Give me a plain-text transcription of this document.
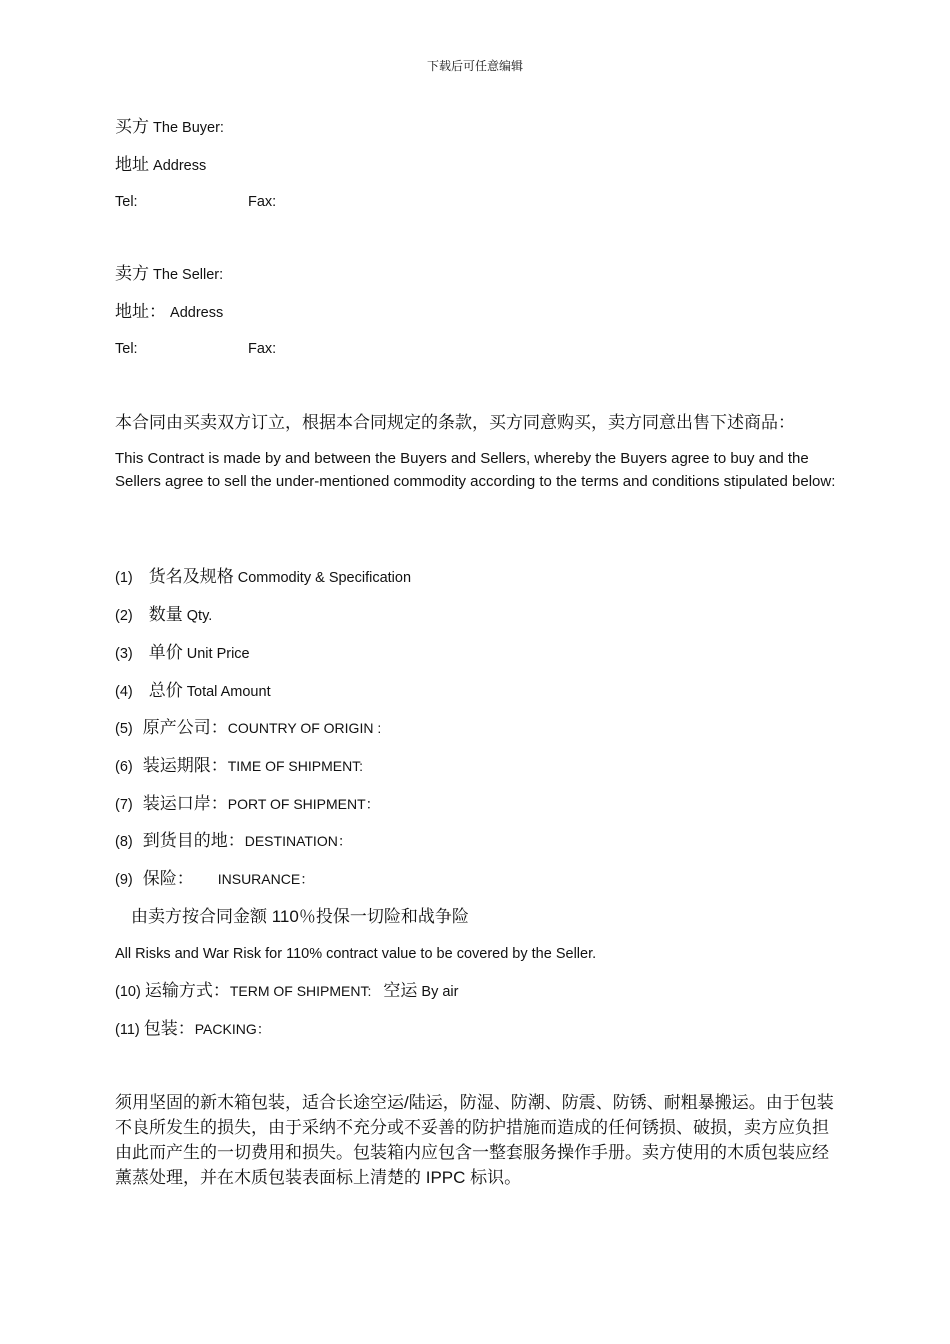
下载后可任意编辑
买方 The Buyer:
地址 Address
Tel:	Fax:
卖方 The Seller:
地址： Address
Tel:	Fax:
本合同由买卖双方订立，根据本合同规定的条款，买方同意购买，卖方同意出售下述商品：
This Contract is made by and between the Buyers and Sellers, whereby the Buyers agree to buy and the Sellers agree to sell the under-mentioned commodity according to the terms and conditions stipulated below:
(1) 货名及规格 Commodity & Specification
(2) 数量 Qty.
(3) 单价 Unit Price
(4) 总价 Total Amount
(5) 原产公司：COUNTRY OF ORIGIN :
(6) 装运期限：TIME OF SHIPMENT:
(7) 装运口岸：PORT OF SHIPMENT：
(8) 到货目的地：DESTINATION：
(9) 保险： INSURANCE：
由卖方按合同金额 110％投保一切险和战争险
All Risks and War Risk for 110% contract value to be covered by the Seller.
(10) 运输方式：TERM OF SHIPMENT: 空运 By air
(11) 包装：PACKING：
须用坚固的新木箱包装，适合长途空运/陆运，防湿、防潮、防震、防锈、耐粗暴搬运。由于包装不良所发生的损失，由于采纳不充分或不妥善的防护措施而造成的任何锈损、破损，卖方应负担由此而产生的一切费用和损失。包装箱内应包含一整套服务操作手册。卖方使用的木质包装应经薰蒸处理，并在木质包装表面标上清楚的 IPPC 标识。
